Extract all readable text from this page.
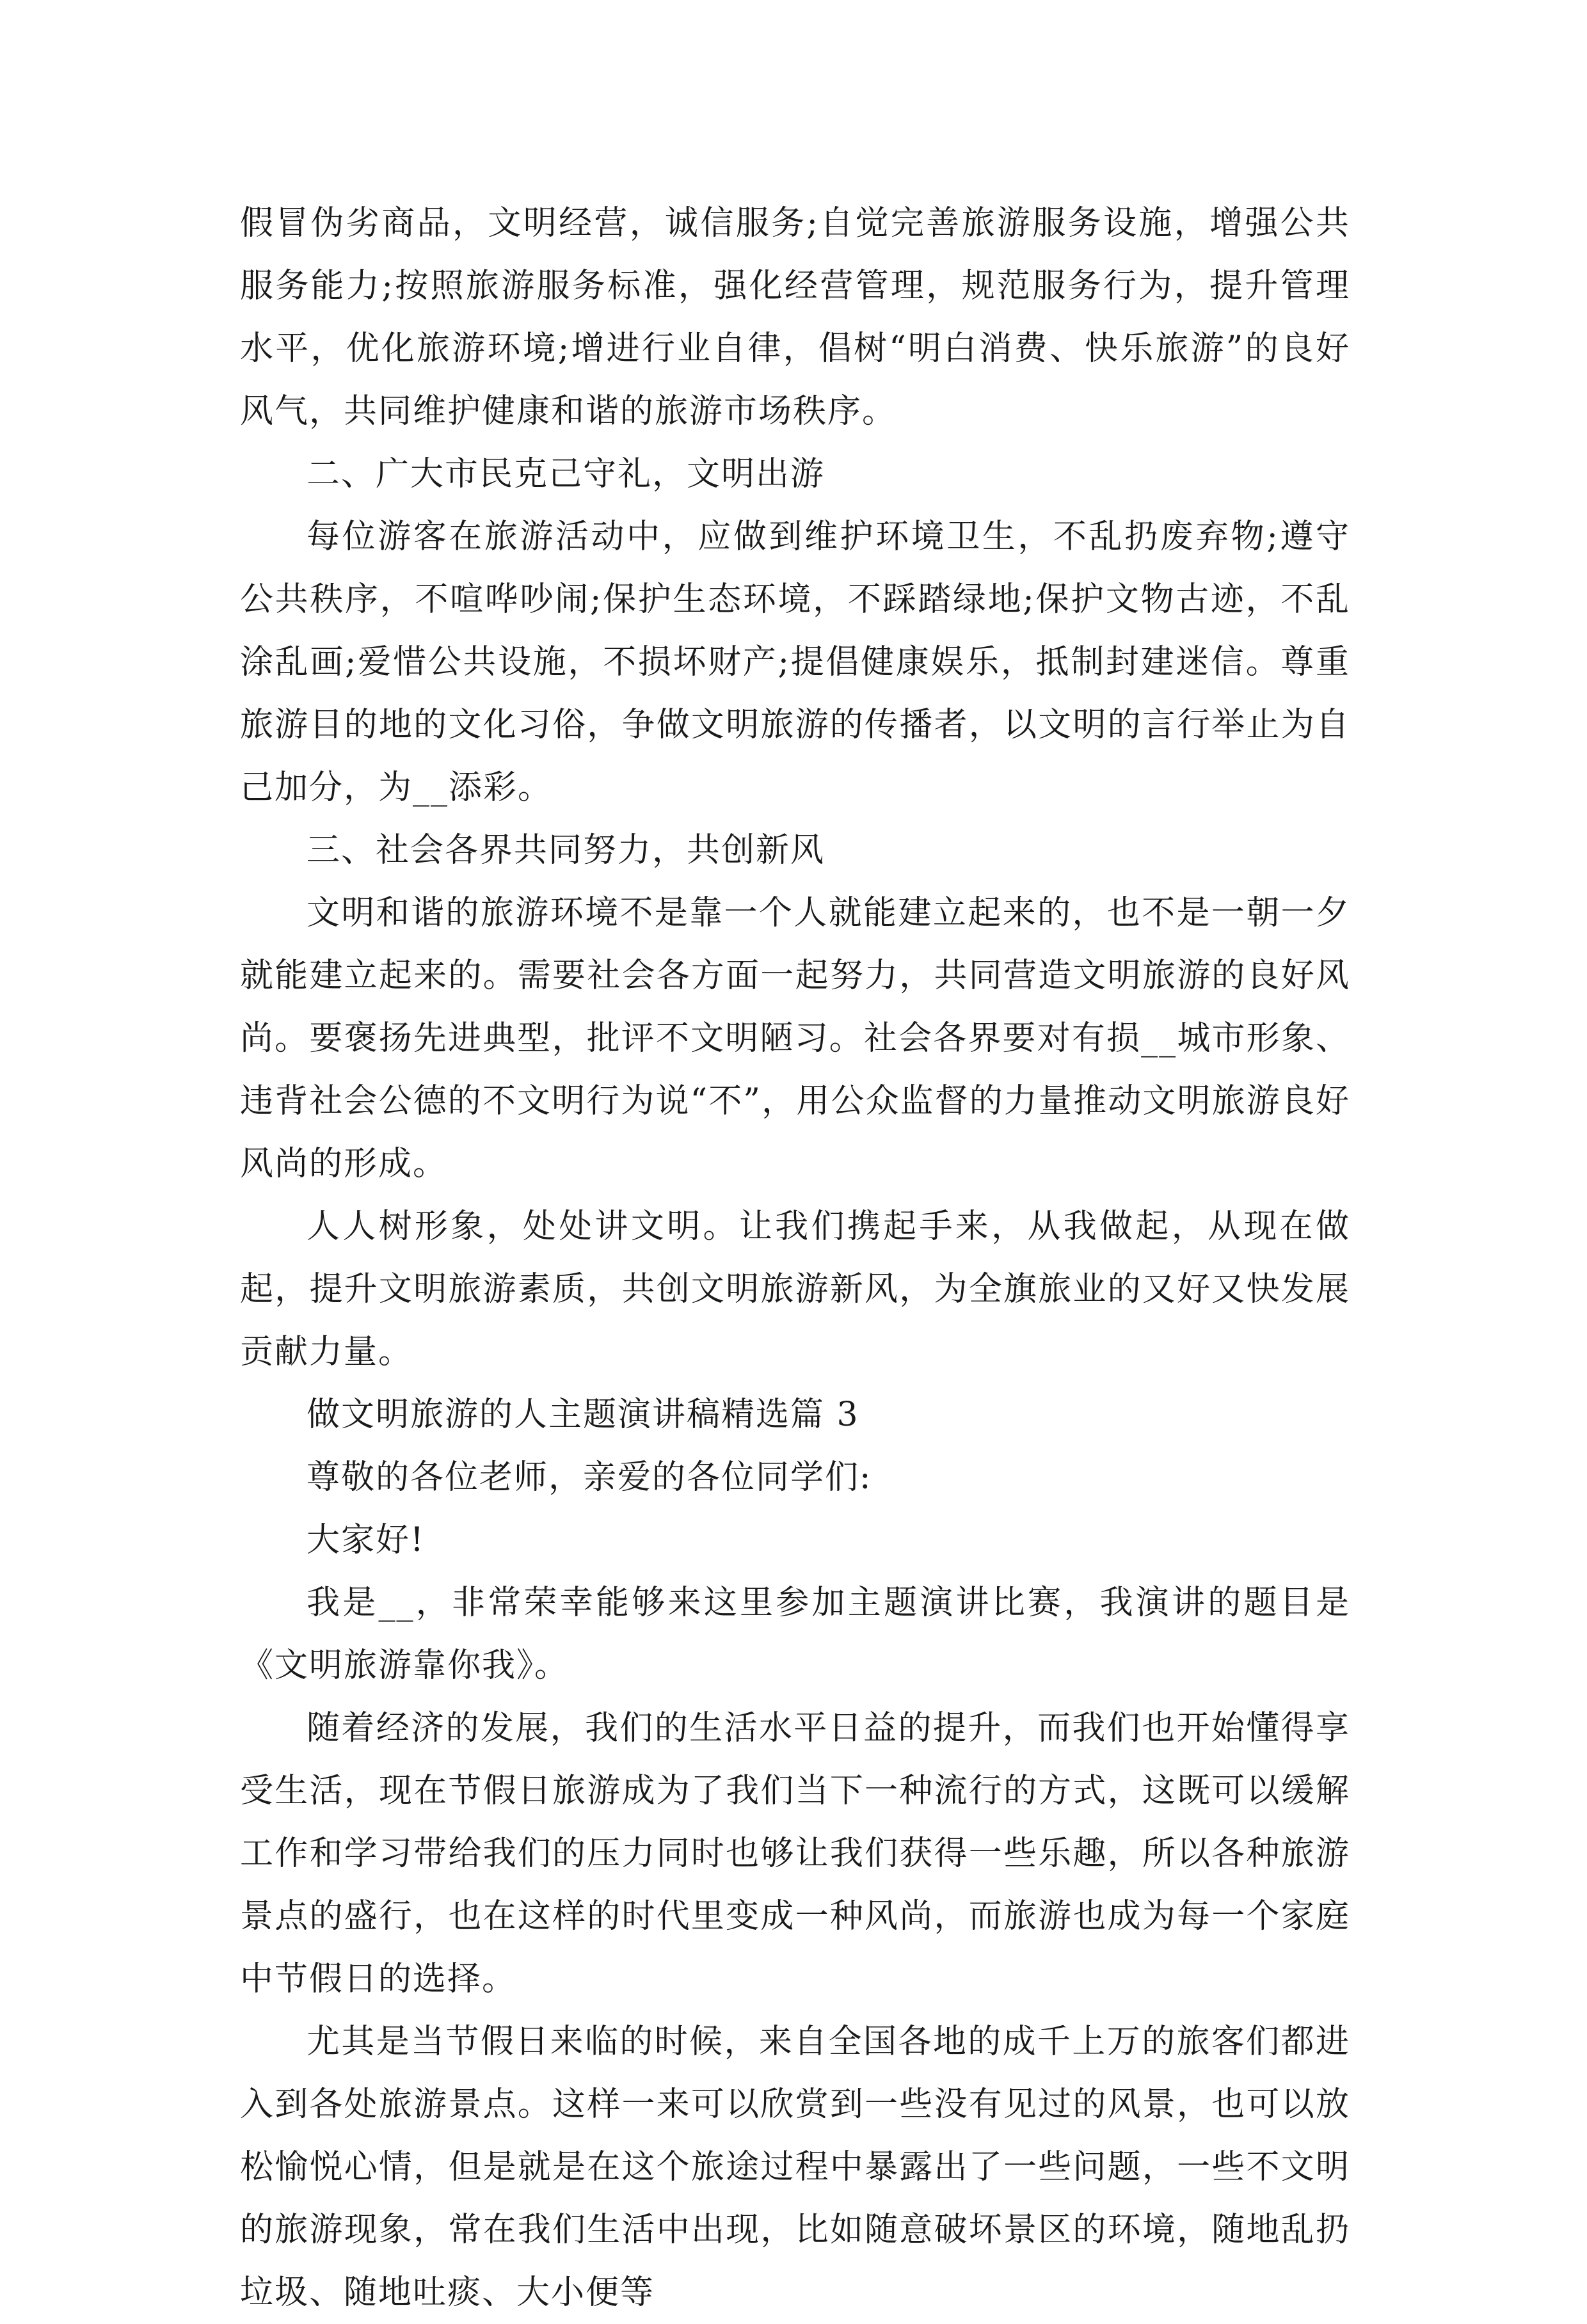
假冒伪劣商品，文明经营，诚信服务;自觉完善旅游服务设施，增强公共服务能力;按照旅游服务标准，强化经营管理，规范服务行为，提升管理水平，优化旅游环境;增进行业自律，倡树“明白消费、快乐旅游”的良好风气，共同维护健康和谐的旅游市场秩序。

二、广大市民克己守礼，文明出游

每位游客在旅游活动中，应做到维护环境卫生，不乱扔废弃物;遵守公共秩序，不喧哗吵闹;保护生态环境，不踩踏绿地;保护文物古迹，不乱涂乱画;爱惜公共设施，不损坏财产;提倡健康娱乐，抵制封建迷信。尊重旅游目的地的文化习俗，争做文明旅游的传播者，以文明的言行举止为自己加分，为__添彩。

三、社会各界共同努力，共创新风

文明和谐的旅游环境不是靠一个人就能建立起来的，也不是一朝一夕就能建立起来的。需要社会各方面一起努力，共同营造文明旅游的良好风尚。要褒扬先进典型，批评不文明陋习。社会各界要对有损__城市形象、违背社会公德的不文明行为说“不”，用公众监督的力量推动文明旅游良好风尚的形成。

人人树形象，处处讲文明。让我们携起手来，从我做起，从现在做起，提升文明旅游素质，共创文明旅游新风，为全旗旅业的又好又快发展贡献力量。

做文明旅游的人主题演讲稿精选篇 3

尊敬的各位老师，亲爱的各位同学们:

大家好!

我是__，非常荣幸能够来这里参加主题演讲比赛，我演讲的题目是《文明旅游靠你我》。

随着经济的发展，我们的生活水平日益的提升，而我们也开始懂得享受生活，现在节假日旅游成为了我们当下一种流行的方式，这既可以缓解工作和学习带给我们的压力同时也够让我们获得一些乐趣，所以各种旅游景点的盛行，也在这样的时代里变成一种风尚，而旅游也成为每一个家庭中节假日的选择。

尤其是当节假日来临的时候，来自全国各地的成千上万的旅客们都进入到各处旅游景点。这样一来可以欣赏到一些没有见过的风景，也可以放松愉悦心情，但是就是在这个旅途过程中暴露出了一些问题，一些不文明的旅游现象，常在我们生活中出现，比如随意破坏景区的环境，随地乱扔垃圾、随地吐痰、大小便等
